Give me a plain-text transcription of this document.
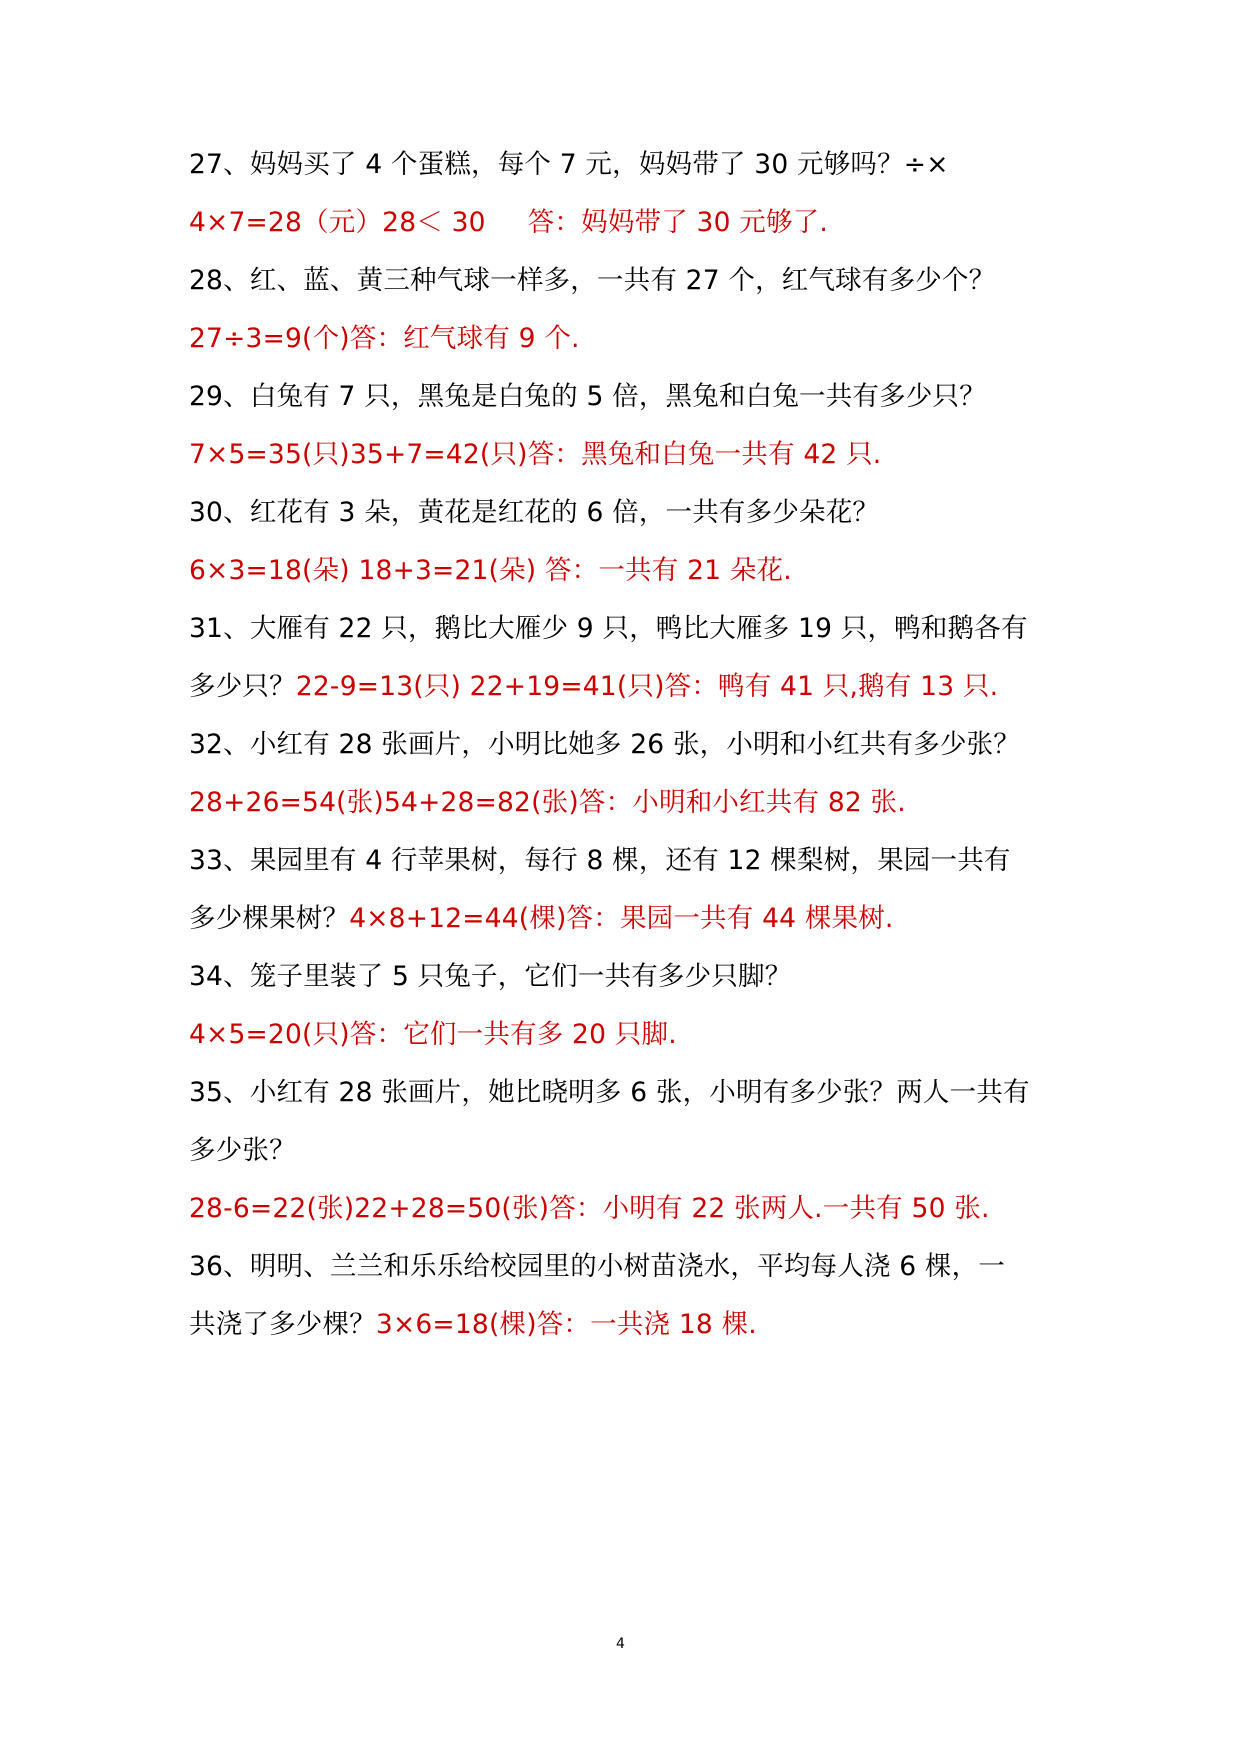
27、妈妈买了 4 个蛋糕，每个 7 元，妈妈带了 30 元够吗？÷×
4×7=28（元）28＜ 30 答：妈妈带了 30 元够了.
28、红、蓝、黄三种气球一样多，一共有 27 个，红气球有多少个？
27÷3=9(个)答：红气球有 9 个.
29、白兔有 7 只，黑兔是白兔的 5 倍，黑兔和白兔一共有多少只？
7×5=35(只)35+7=42(只)答：黑兔和白兔一共有 42 只.
30、红花有 3 朵，黄花是红花的 6 倍，一共有多少朵花？
6×3=18(朵) 18+3=21(朵) 答：一共有 21 朵花.
31、大雁有 22 只，鹅比大雁少 9 只，鸭比大雁多 19 只，鸭和鹅各有
多少只？22-9=13(只) 22+19=41(只)答：鸭有 41 只,鹅有 13 只.
32、小红有 28 张画片，小明比她多 26 张，小明和小红共有多少张？
28+26=54(张)54+28=82(张)答：小明和小红共有 82 张.
33、果园里有 4 行苹果树，每行 8 棵，还有 12 棵梨树，果园一共有
多少棵果树？4×8+12=44(棵)答：果园一共有 44 棵果树.
34、笼子里装了 5 只兔子，它们一共有多少只脚？
4×5=20(只)答：它们一共有多 20 只脚.
35、小红有 28 张画片，她比晓明多 6 张，小明有多少张？两人一共有
多少张？
28-6=22(张)22+28=50(张)答：小明有 22 张两人.一共有 50 张.
36、明明、兰兰和乐乐给校园里的小树苗浇水，平均每人浇 6 棵，一
共浇了多少棵？3×6=18(棵)答：一共浇 18 棵.
4
